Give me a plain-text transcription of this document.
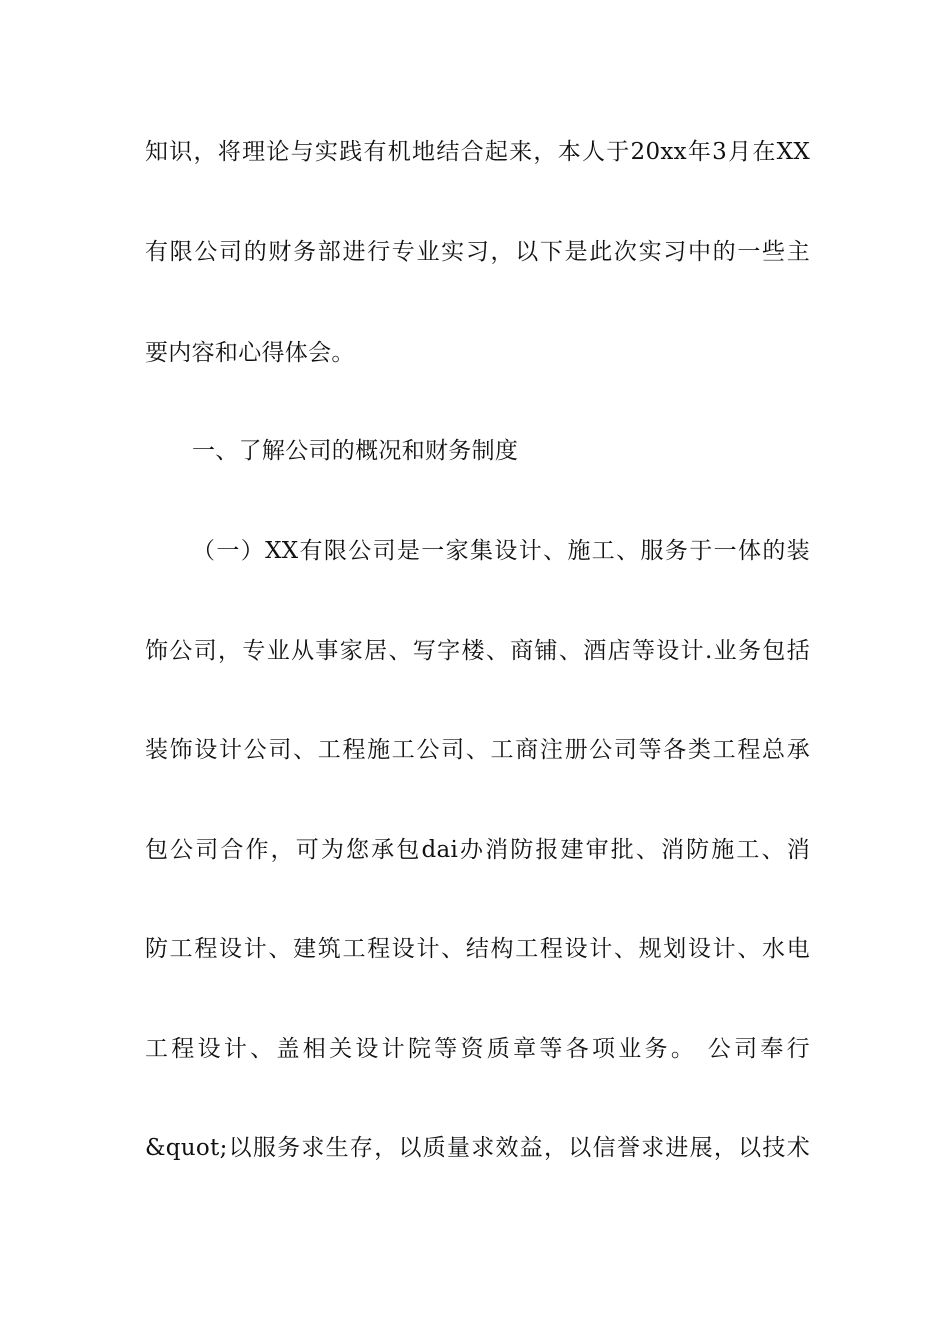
知识，将理论与实践有机地结合起来，本人于20xx年3月在XX
有限公司的财务部进行专业实习，以下是此次实习中的一些主
要内容和心得体会。
一、了解公司的概况和财务制度
（一）XX有限公司是一家集设计、施工、服务于一体的装
饰公司，专业从事家居、写字楼、商铺、酒店等设计.业务包括
装饰设计公司、工程施工公司、工商注册公司等各类工程总承
包公司合作，可为您承包dai办消防报建审批、消防施工、消
防工程设计、建筑工程设计、结构工程设计、规划设计、水电
工程设计、盖相关设计院等资质章等各项业务。 公司奉行
&quot;以服务求生存，以质量求效益，以信誉求进展，以技术
